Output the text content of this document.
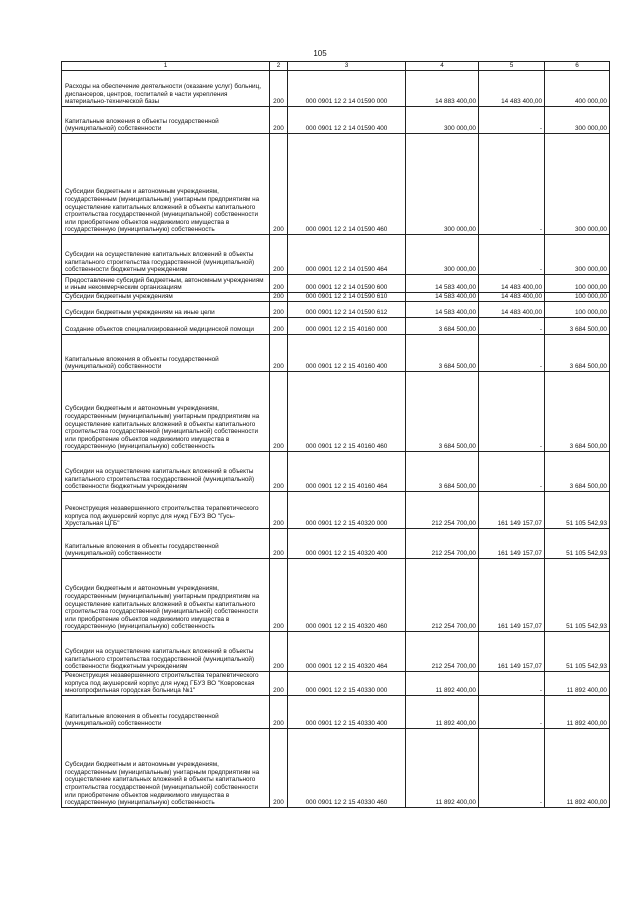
105
1	2	3	4	5	6
Расходы на обеспечение деятельности (оказание услуг) больниц, диспансеров, центров, госпиталей в части укрепления материально-технической базы	200	000 0901 12 2 14 01590 000	14 883 400,00	14 483 400,00	400 000,00
Капитальные вложения в объекты государственной (муниципальной) собственности	200	000 0901 12 2 14 01590 400	300 000,00	-	300 000,00
Субсидии бюджетным и автономным учреждениям, государственным (муниципальным) унитарным предприятиям на осуществление капитальных вложений в объекты капитального строительства государственной (муниципальной) собственности или приобретение объектов недвижимого имущества в государственную (муниципальную) собственность	200	000 0901 12 2 14 01590 460	300 000,00	-	300 000,00
Субсидии на осуществление капитальных вложений в объекты капитального строительства государственной (муниципальной) собственности бюджетным учреждениям	200	000 0901 12 2 14 01590 464	300 000,00	-	300 000,00
Предоставление субсидий бюджетным, автономным учреждениям и иным некоммерческим организациям	200	000 0901 12 2 14 01590 600	14 583 400,00	14 483 400,00	100 000,00
Субсидии бюджетным учреждениям	200	000 0901 12 2 14 01590 610	14 583 400,00	14 483 400,00	100 000,00
Субсидии бюджетным учреждениям на иные цели	200	000 0901 12 2 14 01590 612	14 583 400,00	14 483 400,00	100 000,00
Создание объектов специализированной медицинской помощи	200	000 0901 12 2 15 40160 000	3 684 500,00	-	3 684 500,00
Капитальные вложения в объекты государственной (муниципальной) собственности	200	000 0901 12 2 15 40160 400	3 684 500,00	-	3 684 500,00
Субсидии бюджетным и автономным учреждениям, государственным (муниципальным) унитарным предприятиям на осуществление капитальных вложений в объекты капитального строительства государственной (муниципальной) собственности или приобретение объектов недвижимого имущества в государственную (муниципальную) собственность	200	000 0901 12 2 15 40160 460	3 684 500,00	-	3 684 500,00
Субсидии на осуществление капитальных вложений в объекты капитального строительства государственной (муниципальной) собственности бюджетным учреждениям	200	000 0901 12 2 15 40160 464	3 684 500,00	-	3 684 500,00
Реконструкция незавершенного строительства терапевтического корпуса под акушерский корпус для нужд ГБУЗ ВО "Гусь-Хрустальная ЦГБ"	200	000 0901 12 2 15 40320 000	212 254 700,00	161 149 157,07	51 105 542,93
Капитальные вложения в объекты государственной (муниципальной) собственности	200	000 0901 12 2 15 40320 400	212 254 700,00	161 149 157,07	51 105 542,93
Субсидии бюджетным и автономным учреждениям, государственным (муниципальным) унитарным предприятиям на осуществление капитальных вложений в объекты капитального строительства государственной (муниципальной) собственности или приобретение объектов недвижимого имущества в государственную (муниципальную) собственность	200	000 0901 12 2 15 40320 460	212 254 700,00	161 149 157,07	51 105 542,93
Субсидии на осуществление капитальных вложений в объекты капитального строительства государственной (муниципальной) собственности бюджетным учреждениям	200	000 0901 12 2 15 40320 464	212 254 700,00	161 149 157,07	51 105 542,93
Реконструкция незавершенного строительства терапевтического корпуса под акушерский корпус для нужд ГБУЗ ВО "Ковровская многопрофильная городская больница №1"	200	000 0901 12 2 15 40330 000	11 892 400,00	-	11 892 400,00
Капитальные вложения в объекты государственной (муниципальной) собственности	200	000 0901 12 2 15 40330 400	11 892 400,00	-	11 892 400,00
Субсидии бюджетным и автономным учреждениям, государственным (муниципальным) унитарным предприятиям на осуществление капитальных вложений в объекты капитального строительства государственной (муниципальной) собственности или приобретение объектов недвижимого имущества в государственную (муниципальную) собственность	200	000 0901 12 2 15 40330 460	11 892 400,00	-	11 892 400,00
